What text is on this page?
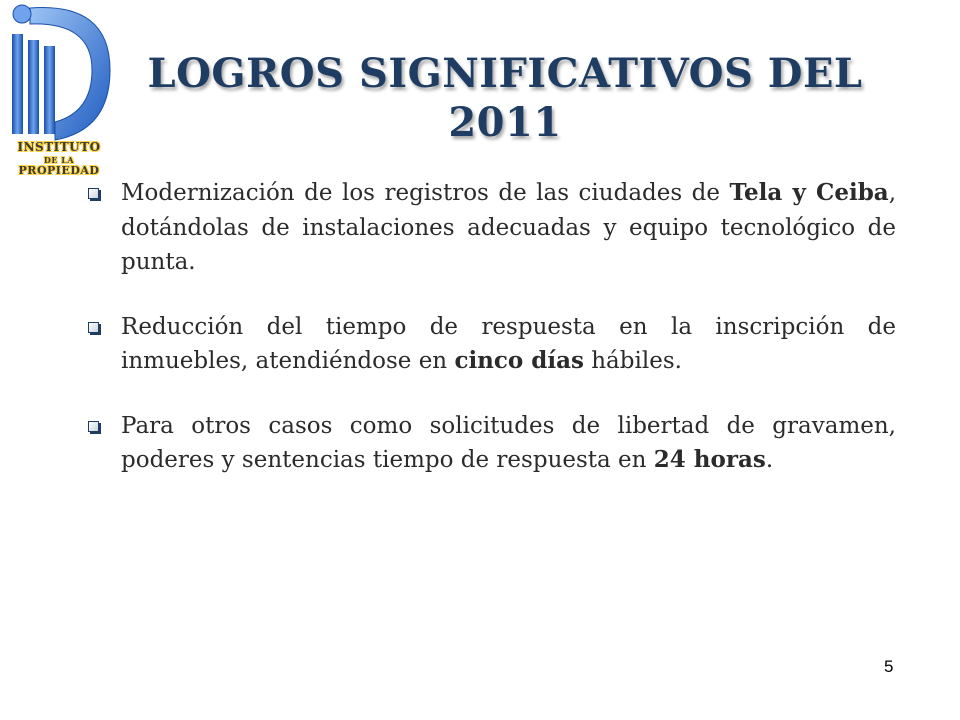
INSTITUTO
DE LA
PROPIEDAD
LOGROS SIGNIFICATIVOS DEL
2011
Modernización de los registros de las ciudades de Tela y Ceiba, dotándolas de instalaciones adecuadas y equipo tecnológico de punta.
Reducción del tiempo de respuesta en la inscripción de inmuebles, atendiéndose en cinco días hábiles.
Para otros casos como solicitudes de libertad de gravamen, poderes y sentencias tiempo de respuesta en 24 horas.
5
